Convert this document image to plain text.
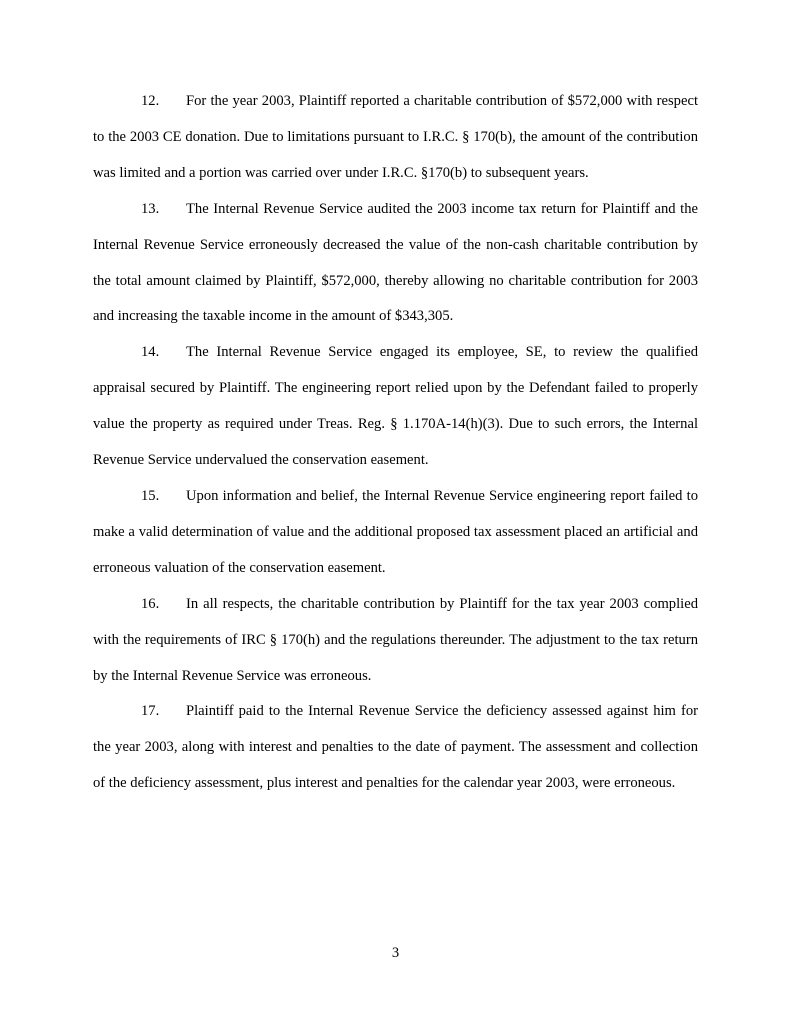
12. For the year 2003, Plaintiff reported a charitable contribution of $572,000 with respect to the 2003 CE donation. Due to limitations pursuant to I.R.C. § 170(b), the amount of the contribution was limited and a portion was carried over under I.R.C. §170(b) to subsequent years.

13. The Internal Revenue Service audited the 2003 income tax return for Plaintiff and the Internal Revenue Service erroneously decreased the value of the non-cash charitable contribution by the total amount claimed by Plaintiff, $572,000, thereby allowing no charitable contribution for 2003 and increasing the taxable income in the amount of $343,305.

14. The Internal Revenue Service engaged its employee, SE, to review the qualified appraisal secured by Plaintiff. The engineering report relied upon by the Defendant failed to properly value the property as required under Treas. Reg. § 1.170A-14(h)(3). Due to such errors, the Internal Revenue Service undervalued the conservation easement.

15. Upon information and belief, the Internal Revenue Service engineering report failed to make a valid determination of value and the additional proposed tax assessment placed an artificial and erroneous valuation of the conservation easement.

16. In all respects, the charitable contribution by Plaintiff for the tax year 2003 complied with the requirements of IRC § 170(h) and the regulations thereunder. The adjustment to the tax return by the Internal Revenue Service was erroneous.

17. Plaintiff paid to the Internal Revenue Service the deficiency assessed against him for the year 2003, along with interest and penalties to the date of payment. The assessment and collection of the deficiency assessment, plus interest and penalties for the calendar year 2003, were erroneous.

3
